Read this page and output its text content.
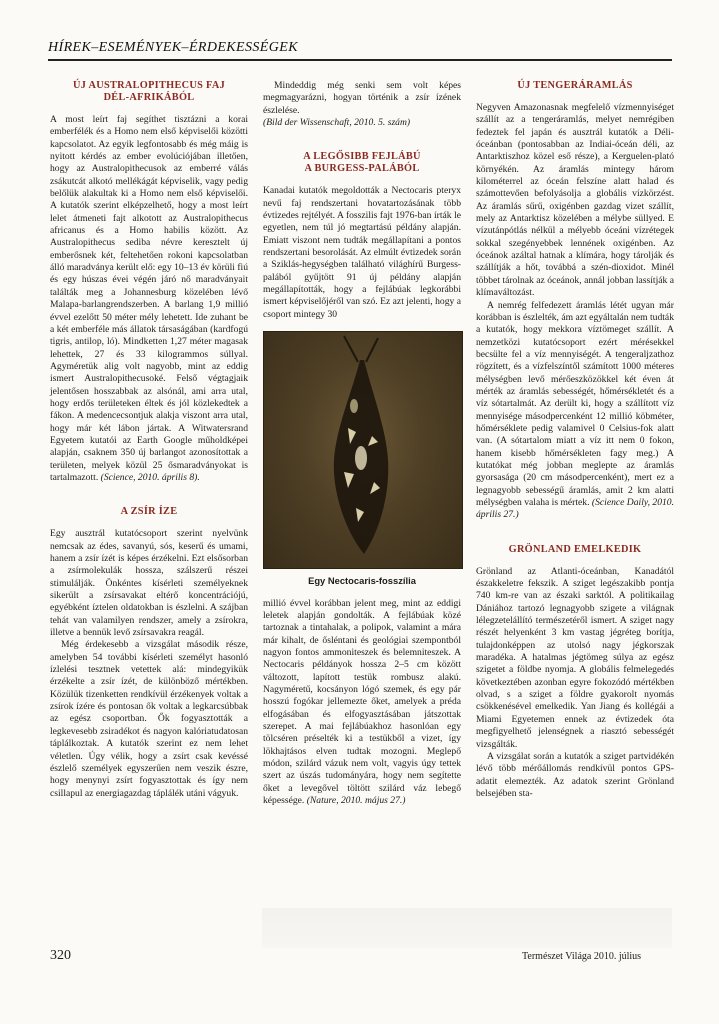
HÍREK–ESEMÉNYEK–ÉRDEKESSÉGEK
ÚJ AUSTRALOPITHECUS FAJ
DÉL-AFRIKÁBÓL

A most leírt faj segíthet tisztázni a korai emberfélék és a Homo nem első képviselői közötti kapcsolatot. Az egyik legfontosabb és még máig is nyitott kérdés az ember evolúciójában illetően, hogy az Australopithecusok az emberré válás zsákutcát alkotó mellékágát képviselik, vagy pedig belőlük alakultak ki a Homo nem első képviselői. A kutatók szerint elképzelhető, hogy a most leírt lelet átmeneti fajt alkotott az Australopithecus africanus és a Homo habilis között. Az Australopithecus sediba névre keresztelt új emberősnek két, feltehetően rokoni kapcsolatban álló maradványa került elő: egy 10–13 év körüli fiú és egy húszas évei végén járó nő maradványait találták meg a Johannesburg közelében lévő Malapa-barlangrendszerben. A barlang 1,9 millió évvel ezelőtt 50 méter mély lehetett. Ide zuhant be a két emberféle más állatok társaságában (kardfogú tigris, antilop, ló). Mindketten 1,27 méter magasak lehettek, 27 és 33 kilogrammos súllyal. Agyméretük alig volt nagyobb, mint az eddig ismert Australopithecusoké. Felső végtagjaik jelentősen hosszabbak az alsónál, ami arra utal, hogy erdős területeken éltek és jól közlekedtek a fákon. A medencecsontjuk alakja viszont arra utal, hogy már két lábon jártak. A Witwatersrand Egyetem kutatói az Earth Google műholdképei alapján, csaknem 350 új barlangot azonosítottak a területen, melyek közül 25 ősmaradványokat is tartalmazott. (Science, 2010. április 8).

A ZSÍR ÍZE

Egy ausztrál kutatócsoport szerint nyelvünk nemcsak az édes, savanyú, sós, keserű és umami, hanem a zsír ízét is képes érzékelni. Ezt elsősorban a zsírmolekulák hossza, szálszerű részei stimulálják. Önkéntes kísérleti személyeknek sikerült a zsírsavakat eltérő koncentrációjú, egyébként íztelen oldatokban is észlelni. A szájban tehát van valamilyen rendszer, amely a zsírokra, illetve a bennük levő zsírsavakra reagál.

Még érdekesebb a vizsgálat második része, amelyben 54 további kísérleti személyt hasonló ízlelési tesztnek vetettek alá: mindegyikük érzékelte a zsír ízét, de különböző mértékben. Közülük tizenketten rendkívül érzékenyek voltak a zsírok ízére és pontosan ők voltak a legkarcsúbbak az egész csoportban. Ők fogyasztották a legkevesebb zsiradékot és nagyon kalóriatudatosan táplálkoztak. A kutatók szerint ez nem lehet véletlen. Úgy vélik, hogy a zsírt csak kevéssé észlelő személyek egyszerűen nem veszik észre, hogy menynyi zsírt fogyasztottak és így nem csillapul az energiagazdag táplálék utáni vágyuk.

Mindeddig még senki sem volt képes megmagyarázni, hogyan történik a zsír ízének észlelése.

(Bild der Wissenschaft, 2010. 5. szám)

A LEGŐSIBB FEJLÁBÚ
A BURGESS-PALÁBÓL

Kanadai kutatók megoldották a Nectocaris pteryx nevű faj rendszertani hovatartozásának több évtizedes rejtélyét. A fosszilis fajt 1976-ban írták le egyetlen, nem túl jó megtartású példány alapján. Emiatt viszont nem tudták megállapítani a pontos rendszertani besorolását. Az elmúlt évtizedek során a Sziklás-hegységben található világhírű Burgess-palából gyűjtött 91 új példány alapján megállapították, hogy a fejlábúak legkorábbi ismert képviselőjéről van szó. Ez azt jelenti, hogy a csoport mintegy 30

Egy Nectocaris-fosszília

millió évvel korábban jelent meg, mint az eddigi leletek alapján gondolták. A fejlábúak közé tartoznak a tintahalak, a polipok, valamint a mára már kihalt, de ősléntani és geológiai szempontból nagyon fontos ammoniteszek és belemniteszek. A Nectocaris példányok hossza 2–5 cm között változott, lapított testük rombusz alakú. Nagyméretű, kocsányon lógó szemek, és egy pár hosszú fogókar jellemezte őket, amelyek a préda elfogásában és elfogyasztásában játszottak szerepet. A mai fejlábúakhoz hasonlóan egy tölcséren préselték ki a testükből a vizet, így lökhajtásos elven tudtak mozogni. Meglepő módon, szilárd vázuk nem volt, vagyis úgy tettek szert az úszás tudományára, hogy nem segítette őket a levegővel töltött szilárd váz lebegő képessége. (Nature, 2010. május 27.)

ÚJ TENGERÁRAMLÁS

Negyven Amazonasnak megfelelő vízmennyiséget szállít az a tengeráramlás, melyet nemrégiben fedeztek fel japán és ausztrál kutatók a Déli-óceánban (pontosabban az Indiai-óceán déli, az Antarktiszhoz közel eső része), a Kerguelen-plató környékén. Az áramlás mintegy három kilométerrel az óceán felszíne alatt halad és számottevően befolyásolja a globális vízkörzést. Az áramlás sűrű, oxigénben gazdag vizet szállít, mely az Antarktisz közelében a mélybe süllyed. E vízutánpótlás nélkül a mélyebb óceáni vízrétegek sokkal szegényebbek lennének oxigénben. Az óceánok azáltal hatnak a klímára, hogy tárolják és szállítják a hőt, továbbá a szén-dioxidot. Minél többet tárolnak az óceánok, annál jobban lassítják a klímaváltozást.

A nemrég felfedezett áramlás létét ugyan már korábban is észlelték, ám azt egyáltalán nem tudták a kutatók, hogy mekkora víztömeget szállít. A nemzetközi kutatócsoport ezért mérésekkel becsülte fel a víz mennyiségét. A tengeraljzathoz rögzített, és a vízfelszíntől számított 1000 méteres mélységben levő mérőeszközökkel két éven át mérték az áramlás sebességét, hőmérsékletét és a víz sótartalmát. Az derült ki, hogy a szállított víz mennyisége másodpercenként 12 millió köbméter, hőmérséklete pedig valamivel 0 Celsius-fok alatt van. (A sótartalom miatt a víz itt nem 0 fokon, hanem kisebb hőmérsékleten fagy meg.) A kutatókat még jobban meglepte az áramlás gyorsasága (20 cm másodpercenként), mert ez a legnagyobb sebességű áramlás, amit 2 km alatti mélységben valaha is mértek. (Science Daily, 2010. április 27.)

GRÖNLAND EMELKEDIK

Grönland az Atlanti-óceánban, Kanadától északkeletre fekszik. A sziget legészakibb pontja 740 km-re van az északi sarktól. A politikailag Dániához tartozó legnagyobb szigete a világnak lélegzetelállító természetéről ismert. A sziget nagy részét helyenként 3 km vastag jégréteg borítja, tulajdonképpen az utolsó nagy jégkorszak maradéka. A hatalmas jégtömeg súlya az egész szigetet a földbe nyomja. A globális felmelegedés következtében azonban egyre fokozódó mértékben olvad, s a sziget a földre gyakorolt nyomás csökkenésével emelkedik. Yan Jiang és kollégái a Miami Egyetemen ennek az évtizedek óta megfigyelhető jelenségnek a riasztó sebességét vizsgálták.

A vizsgálat során a kutatók a sziget partvidékén lévő több mérőállomás rendkívül pontos GPS-adatit elemezték. Az adatok szerint Grönland belsejében sta-

320	Természet Világa 2010. július
